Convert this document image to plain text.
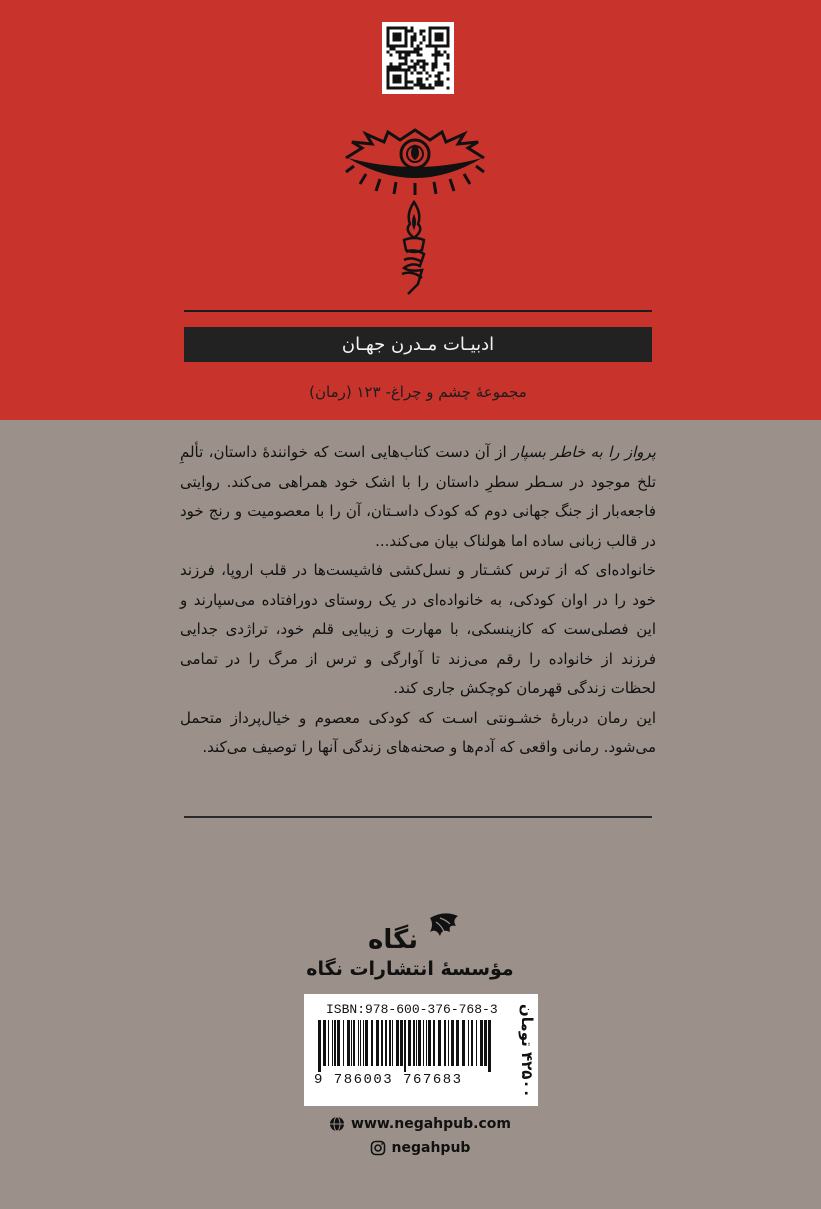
ادبیـات مـدرن جهـان
مجموعهٔ چشم و چراغ- ۱۲۳ (رمان)

پرواز را به خاطر بسپار از آن دست کتاب‌هایی است که خوانندهٔ داستان، تألمِ تلخ موجود در سـطر سطرِ داستان را با اشک خود همراهی می‌کند. روایتی فاجعه‌بار از جنگ جهانی دوم که کودک داسـتان، آن را با معصومیت و رنج خود در قالب زبانی ساده اما هولناک بیان می‌کند...

خانواده‌ای که از ترس کشـتار و نسل‌کشی فاشیست‌ها در قلب اروپا، فرزند خود را در اوان کودکی، به خانواده‌ای در یک روستای دورافتاده می‌سپارند و این فصلی‌ست که کازینسکی، با مهارت و زیبایی قلم خود، تراژدی جدایی فرزند از خانواده را رقم می‌زند تا آوارگی و ترس از مرگ را در تمامی لحظات زندگی قهرمان کوچکش جاری کند.

این رمان دربارهٔ خشـونتی اسـت که کودکی معصوم و خیال‌پرداز متحمل می‌شود. رمانی واقعی که آدم‌ها و صحنه‌های زندگی آنها را توصیف می‌کند.

نگاه
مؤسسهٔ انتشارات نگاه
ISBN:978-600-376-768-3
9 786003 767683
۴۲۵۰۰ تومان
www.negahpub.com
negahpub
